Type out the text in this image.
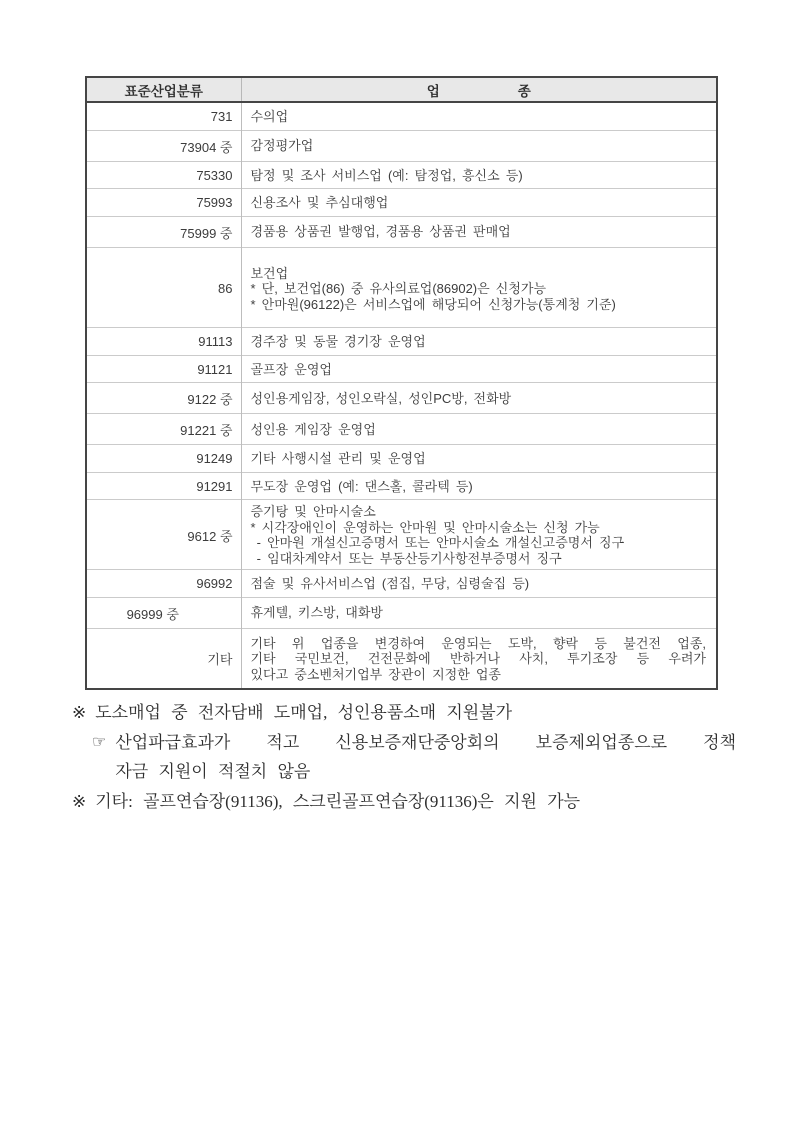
표준산업분류	업 종

731	수의업

73904 중	감정평가업

75330	탐정 및 조사 서비스업 (예: 탐정업, 흥신소 등)

75993	신용조사 및 추심대행업

75999 중	경품용 상품권 발행업, 경품용 상품권 판매업

86	보건업
* 단, 보건업(86) 중 유사의료업(86902)은 신청가능
* 안마원(96122)은 서비스업에 해당되어 신청가능(통계청 기준)

91113	경주장 및 동물 경기장 운영업

91121	골프장 운영업

9122 중	성인용게임장, 성인오락실, 성인PC방, 전화방

91221 중	성인용 게임장 운영업

91249	기타 사행시설 관리 및 운영업

91291	무도장 운영업 (예: 댄스홀, 콜라텍 등)

9612 중	증기탕 및 안마시술소
* 시각장애인이 운영하는 안마원 및 안마시술소는 신청 가능
- 안마원 개설신고증명서 또는 안마시술소 개설신고증명서 징구
- 임대차계약서 또는 부동산등기사항전부증명서 징구

96992	점술 및 유사서비스업 (점집, 무당, 심령술집 등)

96999 중	휴게텔, 키스방, 대화방

기타	기타 위 업종을 변경하여 운영되는 도박, 향락 등 불건전 업종,
기타 국민보건, 건전문화에 반하거나 사치, 투기조장 등 우려가
있다고 중소벤처기업부 장관이 지정한 업종
※ 도소매업 중 전자담배 도매업, 성인용품소매 지원불가
☞ 산업파급효과가 적고 신용보증재단중앙회의 보증제외업종으로 정책
자금 지원이 적절치 않음
※ 기타: 골프연습장(91136), 스크린골프연습장(91136)은 지원 가능
